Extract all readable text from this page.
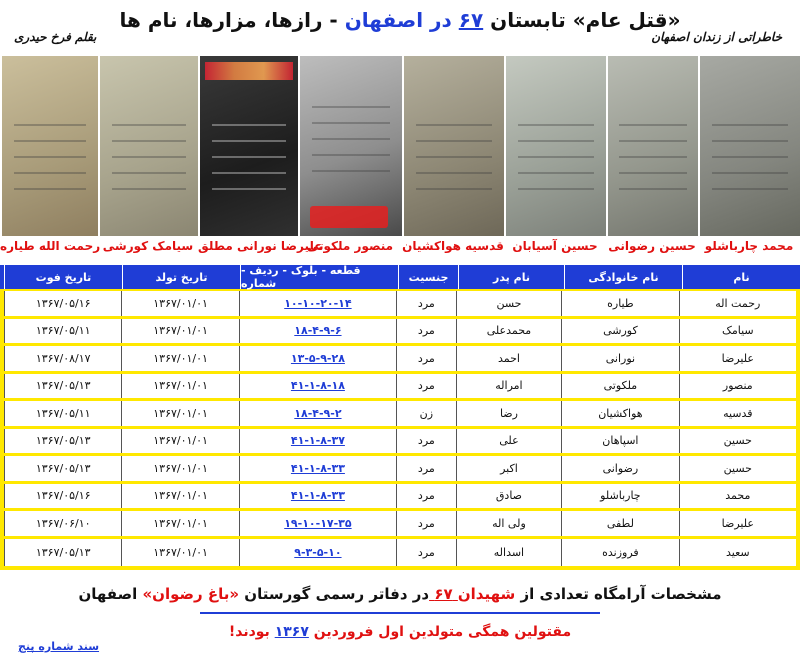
بقلم فرخ حیدری
«قتل عام» تابستان ۶۷ در اصفهان - رازها، مزارها، نام ها
خاطراتی از زندان اصفهان
رحمت الله طیاره سیامک کورشی علیرضا نورانی مطلق
منصور ملکوتی قدسیه هواکشیان حسین آسیابان حسین رضوانی محمد چارباشلو
نام
نام خانوادگی
نام پدر
جنسیت
قطعه - بلوک - ردیف - شماره
تاریخ تولد
تاریخ فوت
رحمت اله
طیاره
حسن
مرد
۱۰-۱۰-۲۰-۱۴
۱۳۶۷/۰۱/۰۱
۱۳۶۷/۰۵/۱۶
سیامک
کورشی
محمدعلی
مرد
۱۸-۴-۹-۶
۱۳۶۷/۰۱/۰۱
۱۳۶۷/۰۵/۱۱
علیرضا
نورانی
احمد
مرد
۱۳-۵-۹-۲۸
۱۳۶۷/۰۱/۰۱
۱۳۶۷/۰۸/۱۷
منصور
ملکوتی
امراله
مرد
۴۱-۱-۸-۱۸
۱۳۶۷/۰۱/۰۱
۱۳۶۷/۰۵/۱۳
قدسیه
هواکشیان
رضا
زن
۱۸-۴-۹-۲
۱۳۶۷/۰۱/۰۱
۱۳۶۷/۰۵/۱۱
حسین
اسپاهان
علی
مرد
۴۱-۱-۸-۳۷
۱۳۶۷/۰۱/۰۱
۱۳۶۷/۰۵/۱۳
حسین
رضوانی
اکبر
مرد
۴۱-۱-۸-۳۳
۱۳۶۷/۰۱/۰۱
۱۳۶۷/۰۵/۱۳
محمد
چارباشلو
صادق
مرد
۴۱-۱-۸-۳۳
۱۳۶۷/۰۱/۰۱
۱۳۶۷/۰۵/۱۶
علیرضا
لطفی
ولی اله
مرد
۱۹-۱۰-۱۷-۳۵
۱۳۶۷/۰۱/۰۱
۱۳۶۷/۰۶/۱۰
سعید
فروزنده
اسداله
مرد
۹-۳-۵-۱۰
۱۳۶۷/۰۱/۰۱
۱۳۶۷/۰۵/۱۳
مشخصات آرامگاه تعدادی از شهیدان ۶۷ در دفاتر رسمی گورستان «باغ رضوان» اصفهان
مقتولین همگی متولدین اول فروردین ۱۳۶۷ بودند!
سند شماره پنج
